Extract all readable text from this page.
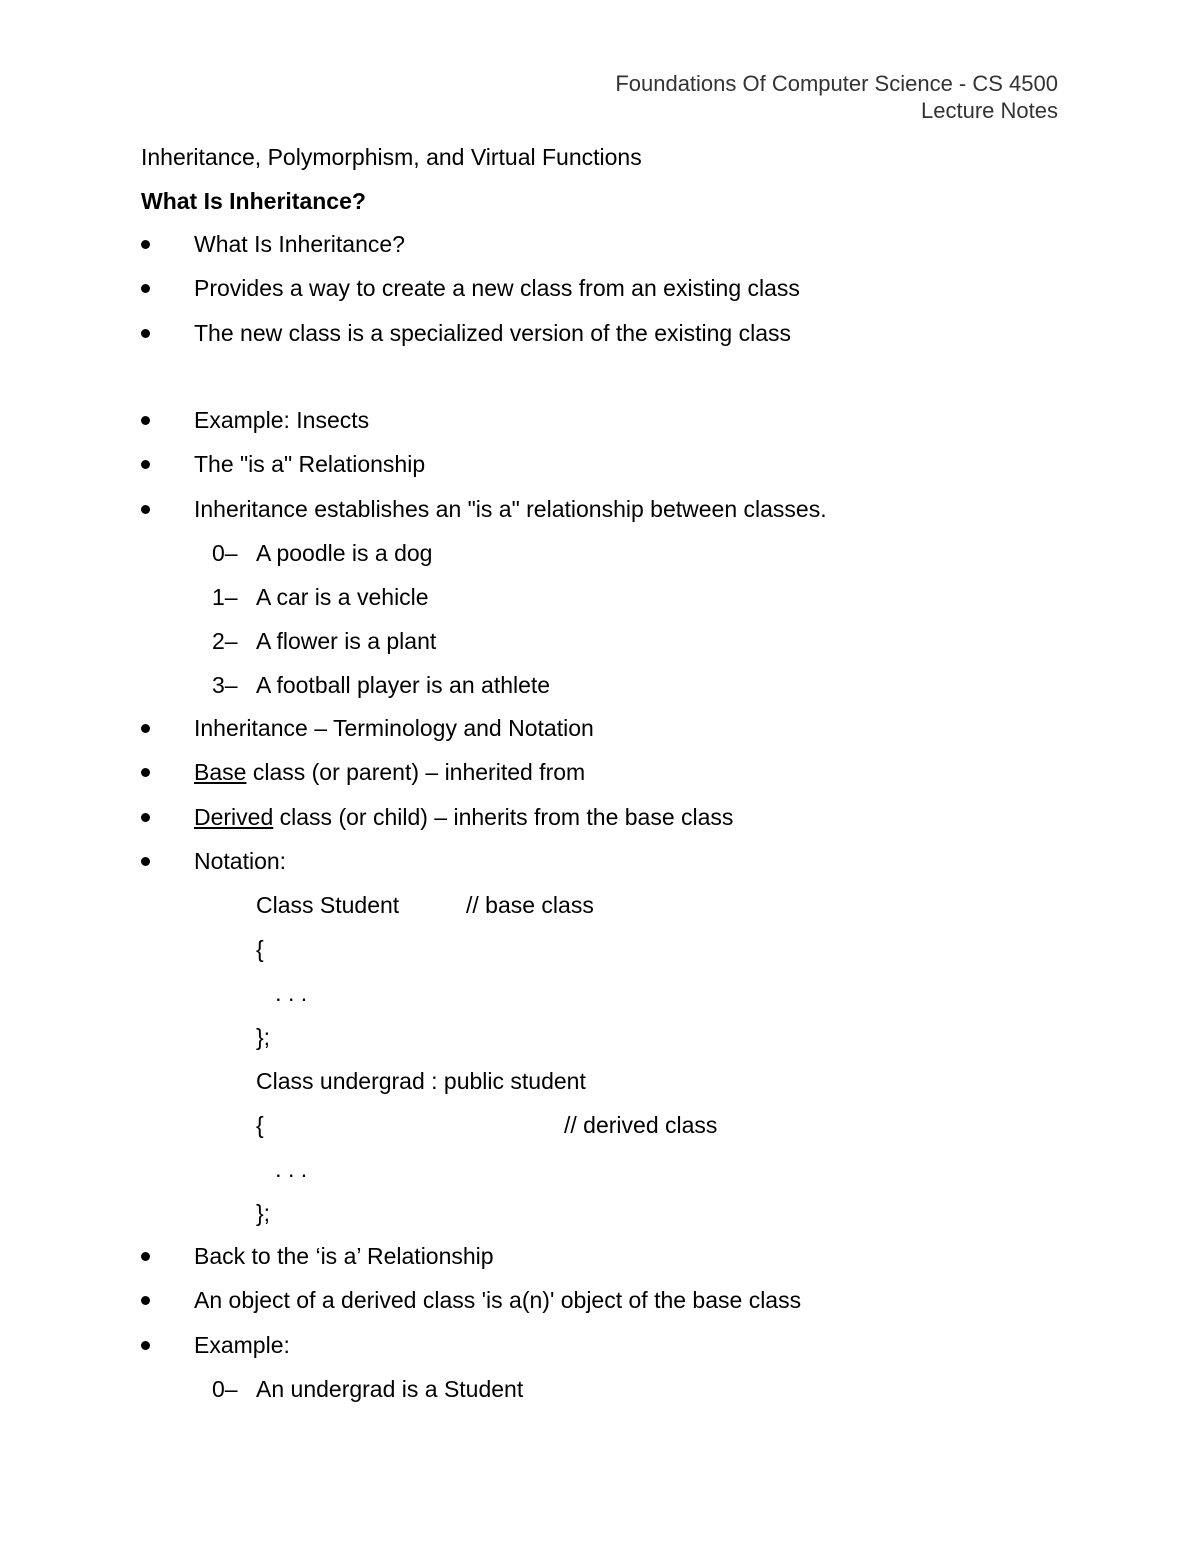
Foundations Of Computer Science - CS 4500
Lecture Notes
Inheritance, Polymorphism, and Virtual Functions
What Is Inheritance?
What Is Inheritance?
Provides a way to create a new class from an existing class
The new class is a specialized version of the existing class
Example: Insects
The "is a" Relationship
Inheritance establishes an "is a" relationship between classes.
0– A poodle is a dog
1– A car is a vehicle
2– A flower is a plant
3– A football player is an athlete
Inheritance – Terminology and Notation
Base class (or parent) – inherited from
Derived class (or child) – inherits from the base class
Notation:
Class Student	// base class
{
. . .
};
Class undergrad : public student
{	// derived class
. . .
};
Back to the ‘is a’ Relationship
An object of a derived class 'is a(n)' object of the base class
Example:
0– An undergrad is a Student
